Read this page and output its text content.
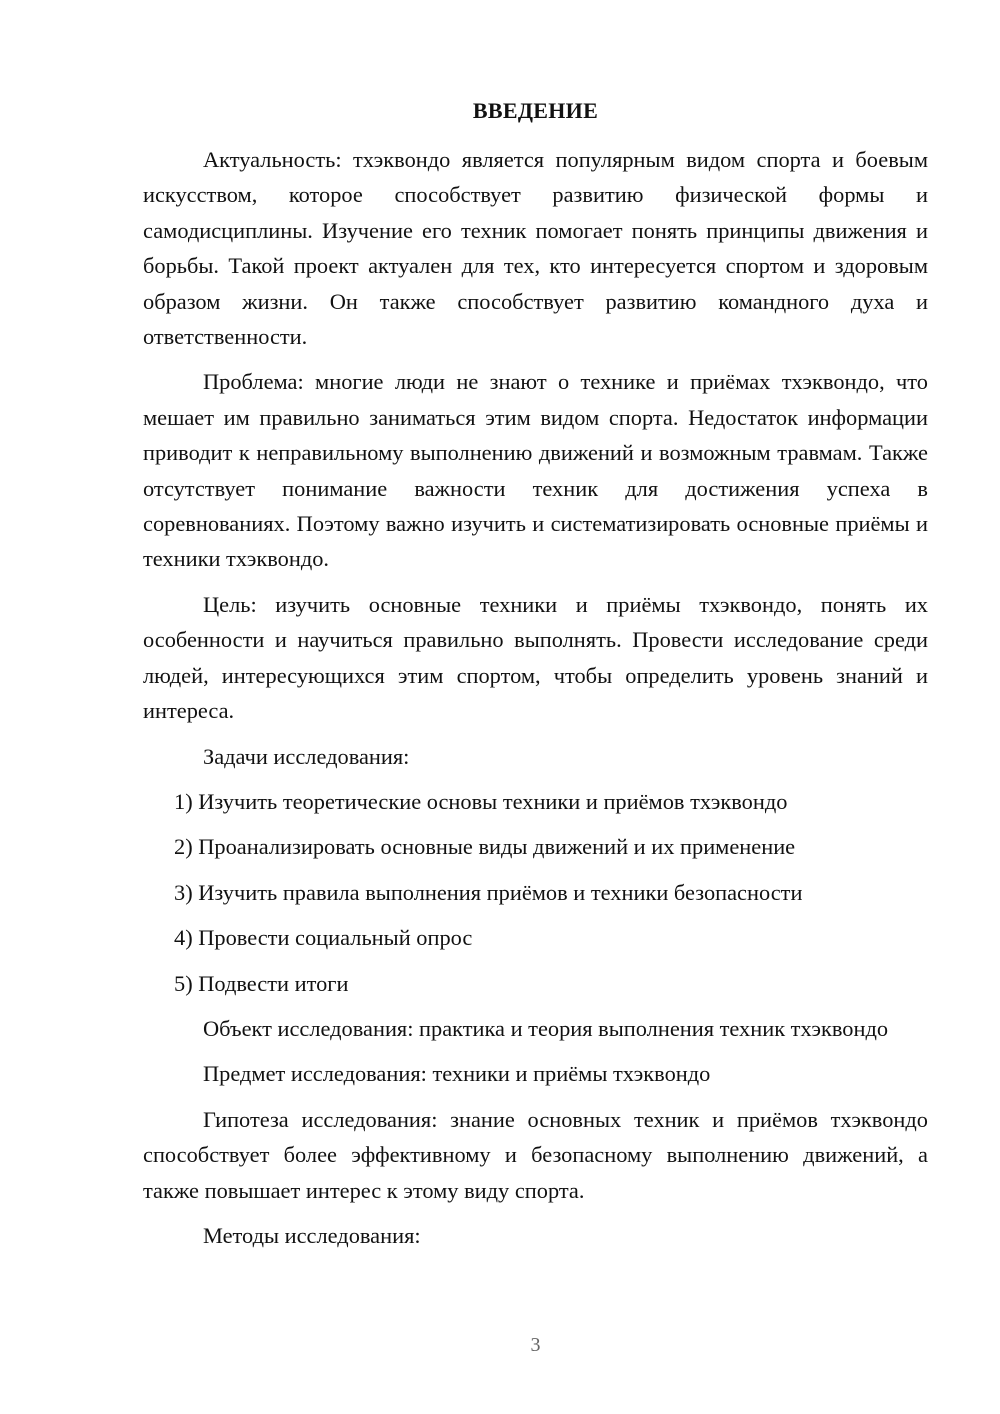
ВВЕДЕНИЕ

Актуальность: тхэквондо является популярным видом спорта и боевым искусством, которое способствует развитию физической формы и самодисциплины. Изучение его техник помогает понять принципы движения и борьбы. Такой проект актуален для тех, кто интересуется спортом и здоровым образом жизни. Он также способствует развитию командного духа и ответственности.

Проблема: многие люди не знают о технике и приёмах тхэквондо, что мешает им правильно заниматься этим видом спорта. Недостаток информации приводит к неправильному выполнению движений и возможным травмам. Также отсутствует понимание важности техник для достижения успеха в соревнованиях. Поэтому важно изучить и систематизировать основные приёмы и техники тхэквондо.

Цель: изучить основные техники и приёмы тхэквондо, понять их особенности и научиться правильно выполнять. Провести исследование среди людей, интересующихся этим спортом, чтобы определить уровень знаний и интереса.

Задачи исследования:

1) Изучить теоретические основы техники и приёмов тхэквондо
2) Проанализировать основные виды движений и их применение
3) Изучить правила выполнения приёмов и техники безопасности
4) Провести социальный опрос
5) Подвести итоги

Объект исследования: практика и теория выполнения техник тхэквондо

Предмет исследования: техники и приёмы тхэквондо

Гипотеза исследования: знание основных техник и приёмов тхэквондо способствует более эффективному и безопасному выполнению движений, а также повышает интерес к этому виду спорта.

Методы исследования:

3
